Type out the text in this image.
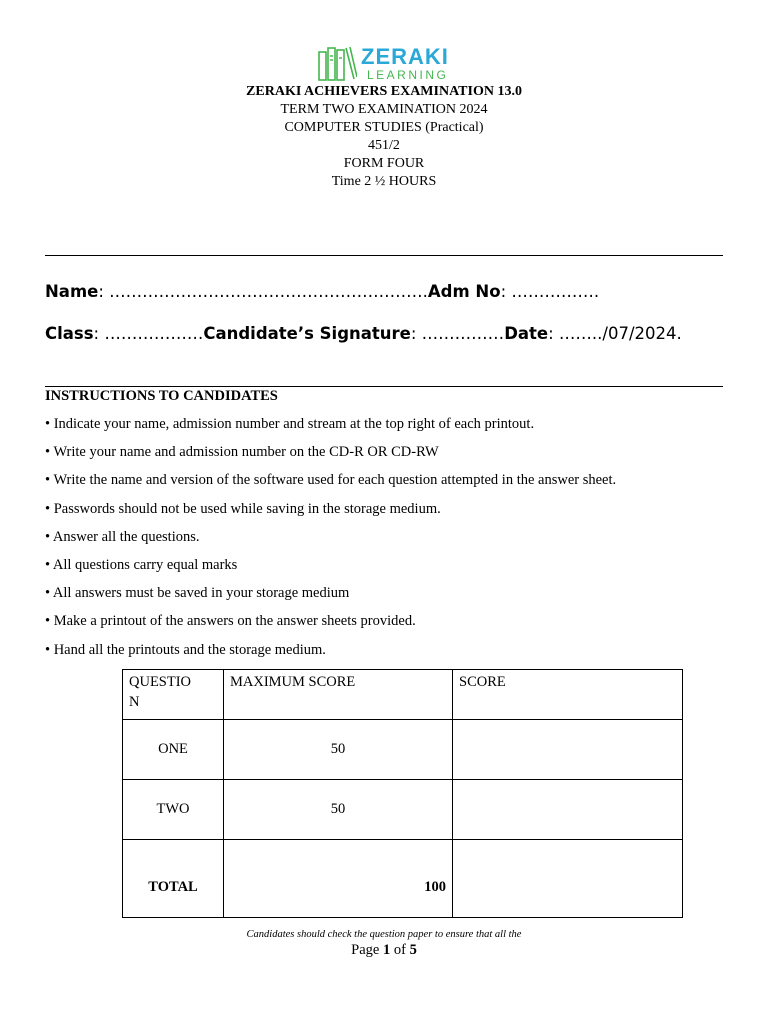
ZERAKI
LEARNING
ZERAKI ACHIEVERS EXAMINATION 13.0
TERM TWO EXAMINATION 2024
COMPUTER STUDIES (Practical)
451/2
FORM FOUR
Time 2 ½ HOURS
Name: ………………………………………………….Adm No: …………….
Class: ………………Candidate’s Signature: ……………Date: ……../07/2024.
INSTRUCTIONS TO CANDIDATES
• Indicate your name, admission number and stream at the top right of each printout.
• Write your name and admission number on the CD-R OR CD-RW
• Write the name and version of the software used for each question attempted in the answer sheet.
• Passwords should not be used while saving in the storage medium.
• Answer all the questions.
• All questions carry equal marks
• All answers must be saved in your storage medium
• Make a printout of the answers on the answer sheets provided.
• Hand all the printouts and the storage medium.
QUESTIO
N	MAXIMUM SCORE	SCORE
ONE	50	
TWO	50	
TOTAL	100	
Candidates should check the question paper to ensure that all the
Page 1 of 5
